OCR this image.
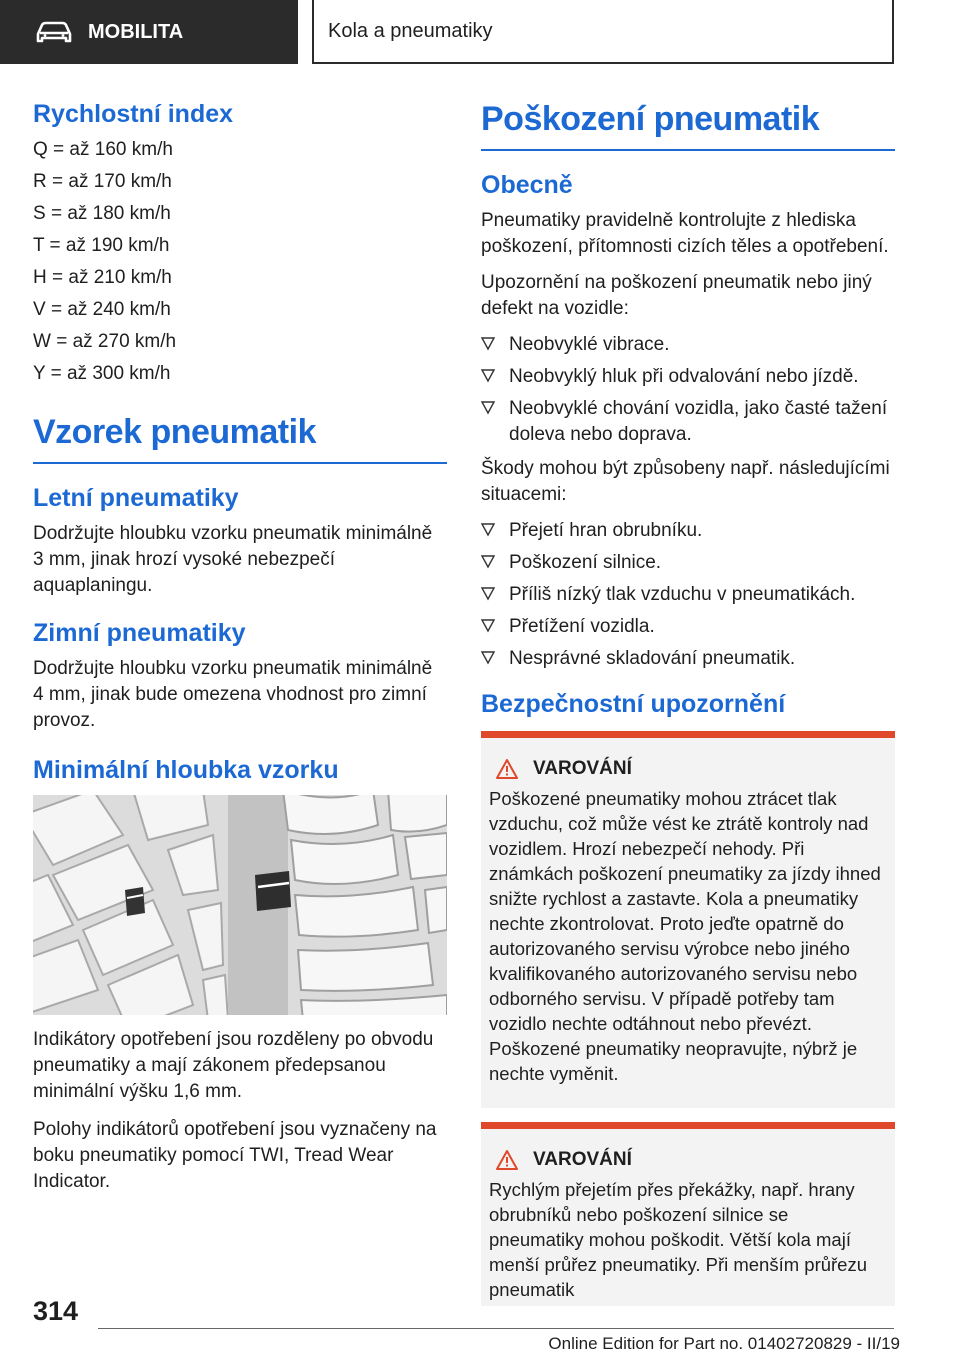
MOBILITA	Kola a pneumatiky
Rychlostní index

Q = až 160 km/h

R = až 170 km/h

S = až 180 km/h

T = až 190 km/h

H = až 210 km/h

V = až 240 km/h

W = až 270 km/h

Y = až 300 km/h

Vzorek pneumatik
Letní pneumatiky

Dodržujte hloubku vzorku pneumatik minimálně 3 mm, jinak hrozí vysoké nebezpečí aquaplaningu.

Zimní pneumatiky

Dodržujte hloubku vzorku pneumatik minimálně 4 mm, jinak bude omezena vhodnost pro zimní provoz.

Minimální hloubka vzorku

Indikátory opotřebení jsou rozděleny po obvodu pneumatiky a mají zákonem předepsanou minimální výšku 1,6 mm.

Polohy indikátorů opotřebení jsou vyznačeny na boku pneumatiky pomocí TWI, Tread Wear Indicator.

Poškození pneumatik
Obecně

Pneumatiky pravidelně kontrolujte z hlediska poškození, přítomnosti cizích těles a opotřebení.

Upozornění na poškození pneumatik nebo jiný defekt na vozidle:

Neobvyklé vibrace.
Neobvyklý hluk při odvalování nebo jízdě.
Neobvyklé chování vozidla, jako časté tažení doleva nebo doprava.

Škody mohou být způsobeny např. následujícími situacemi:

Přejetí hran obrubníku.
Poškození silnice.
Příliš nízký tlak vzduchu v pneumatikách.
Přetížení vozidla.
Nesprávné skladování pneumatik.
Bezpečnostní upozornění
VAROVÁNÍ

Poškozené pneumatiky mohou ztrácet tlak vzduchu, což může vést ke ztrátě kontroly nad vozidlem. Hrozí nebezpečí nehody. Při známkách poškození pneumatiky za jízdy ihned snižte rychlost a zastavte. Kola a pneumatiky nechte zkontrolovat. Proto jeďte opatrně do autorizovaného servisu výrobce nebo jiného kvalifikovaného autorizovaného servisu nebo odborného servisu. V případě potřeby tam vozidlo nechte odtáhnout nebo převézt. Poškozené pneumatiky neopravujte, nýbrž je nechte vyměnit.

VAROVÁNÍ

Rychlým přejetím přes překážky, např. hrany obrubníků nebo poškození silnice se pneumatiky mohou poškodit. Větší kola mají menší průřez pneumatiky. Při menším průřezu pneumatik

314
Online Edition for Part no. 01402720829 - II/19
